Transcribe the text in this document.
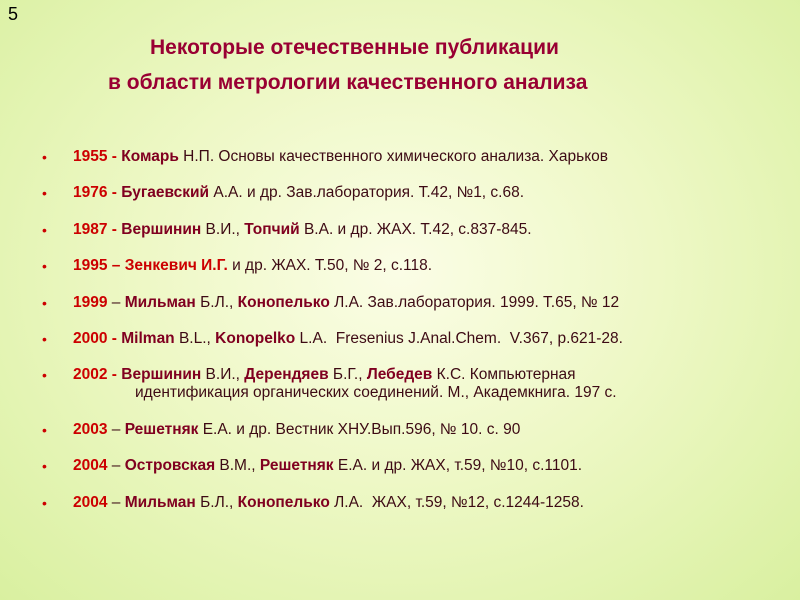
5
Некоторые отечественные публикации
в области метрологии качественного анализа
• 1955 - Комарь Н.П. Основы качественного химического анализа. Харьков
• 1976 - Бугаевский А.А. и др. Зав.лаборатория. Т.42, №1, с.68.
• 1987 - Вершинин В.И., Топчий В.А. и др. ЖАХ. Т.42, с.837-845.
• 1995 – Зенкевич И.Г. и др. ЖАХ. Т.50, № 2, с.118.
• 1999 – Мильман Б.Л., Конопелько Л.А. Зав.лаборатория. 1999. Т.65, № 12
• 2000 - Milman B.L., Konopelko L.A.  Fresenius J.Anal.Chem.  V.367, p.621-28.
• 2002 - Вершинин В.И., Дерендяев Б.Г., Лебедев К.С. Компьютерная
идентификация органических соединений. М., Академкнига. 197 с.
• 2003 – Решетняк Е.А. и др. Вестник ХНУ.Вып.596, № 10. с. 90
• 2004 – Островская В.М., Решетняк Е.А. и др. ЖАХ, т.59, №10, с.1101.
• 2004 – Мильман Б.Л., Конопелько Л.А.  ЖАХ, т.59, №12, с.1244-1258.
